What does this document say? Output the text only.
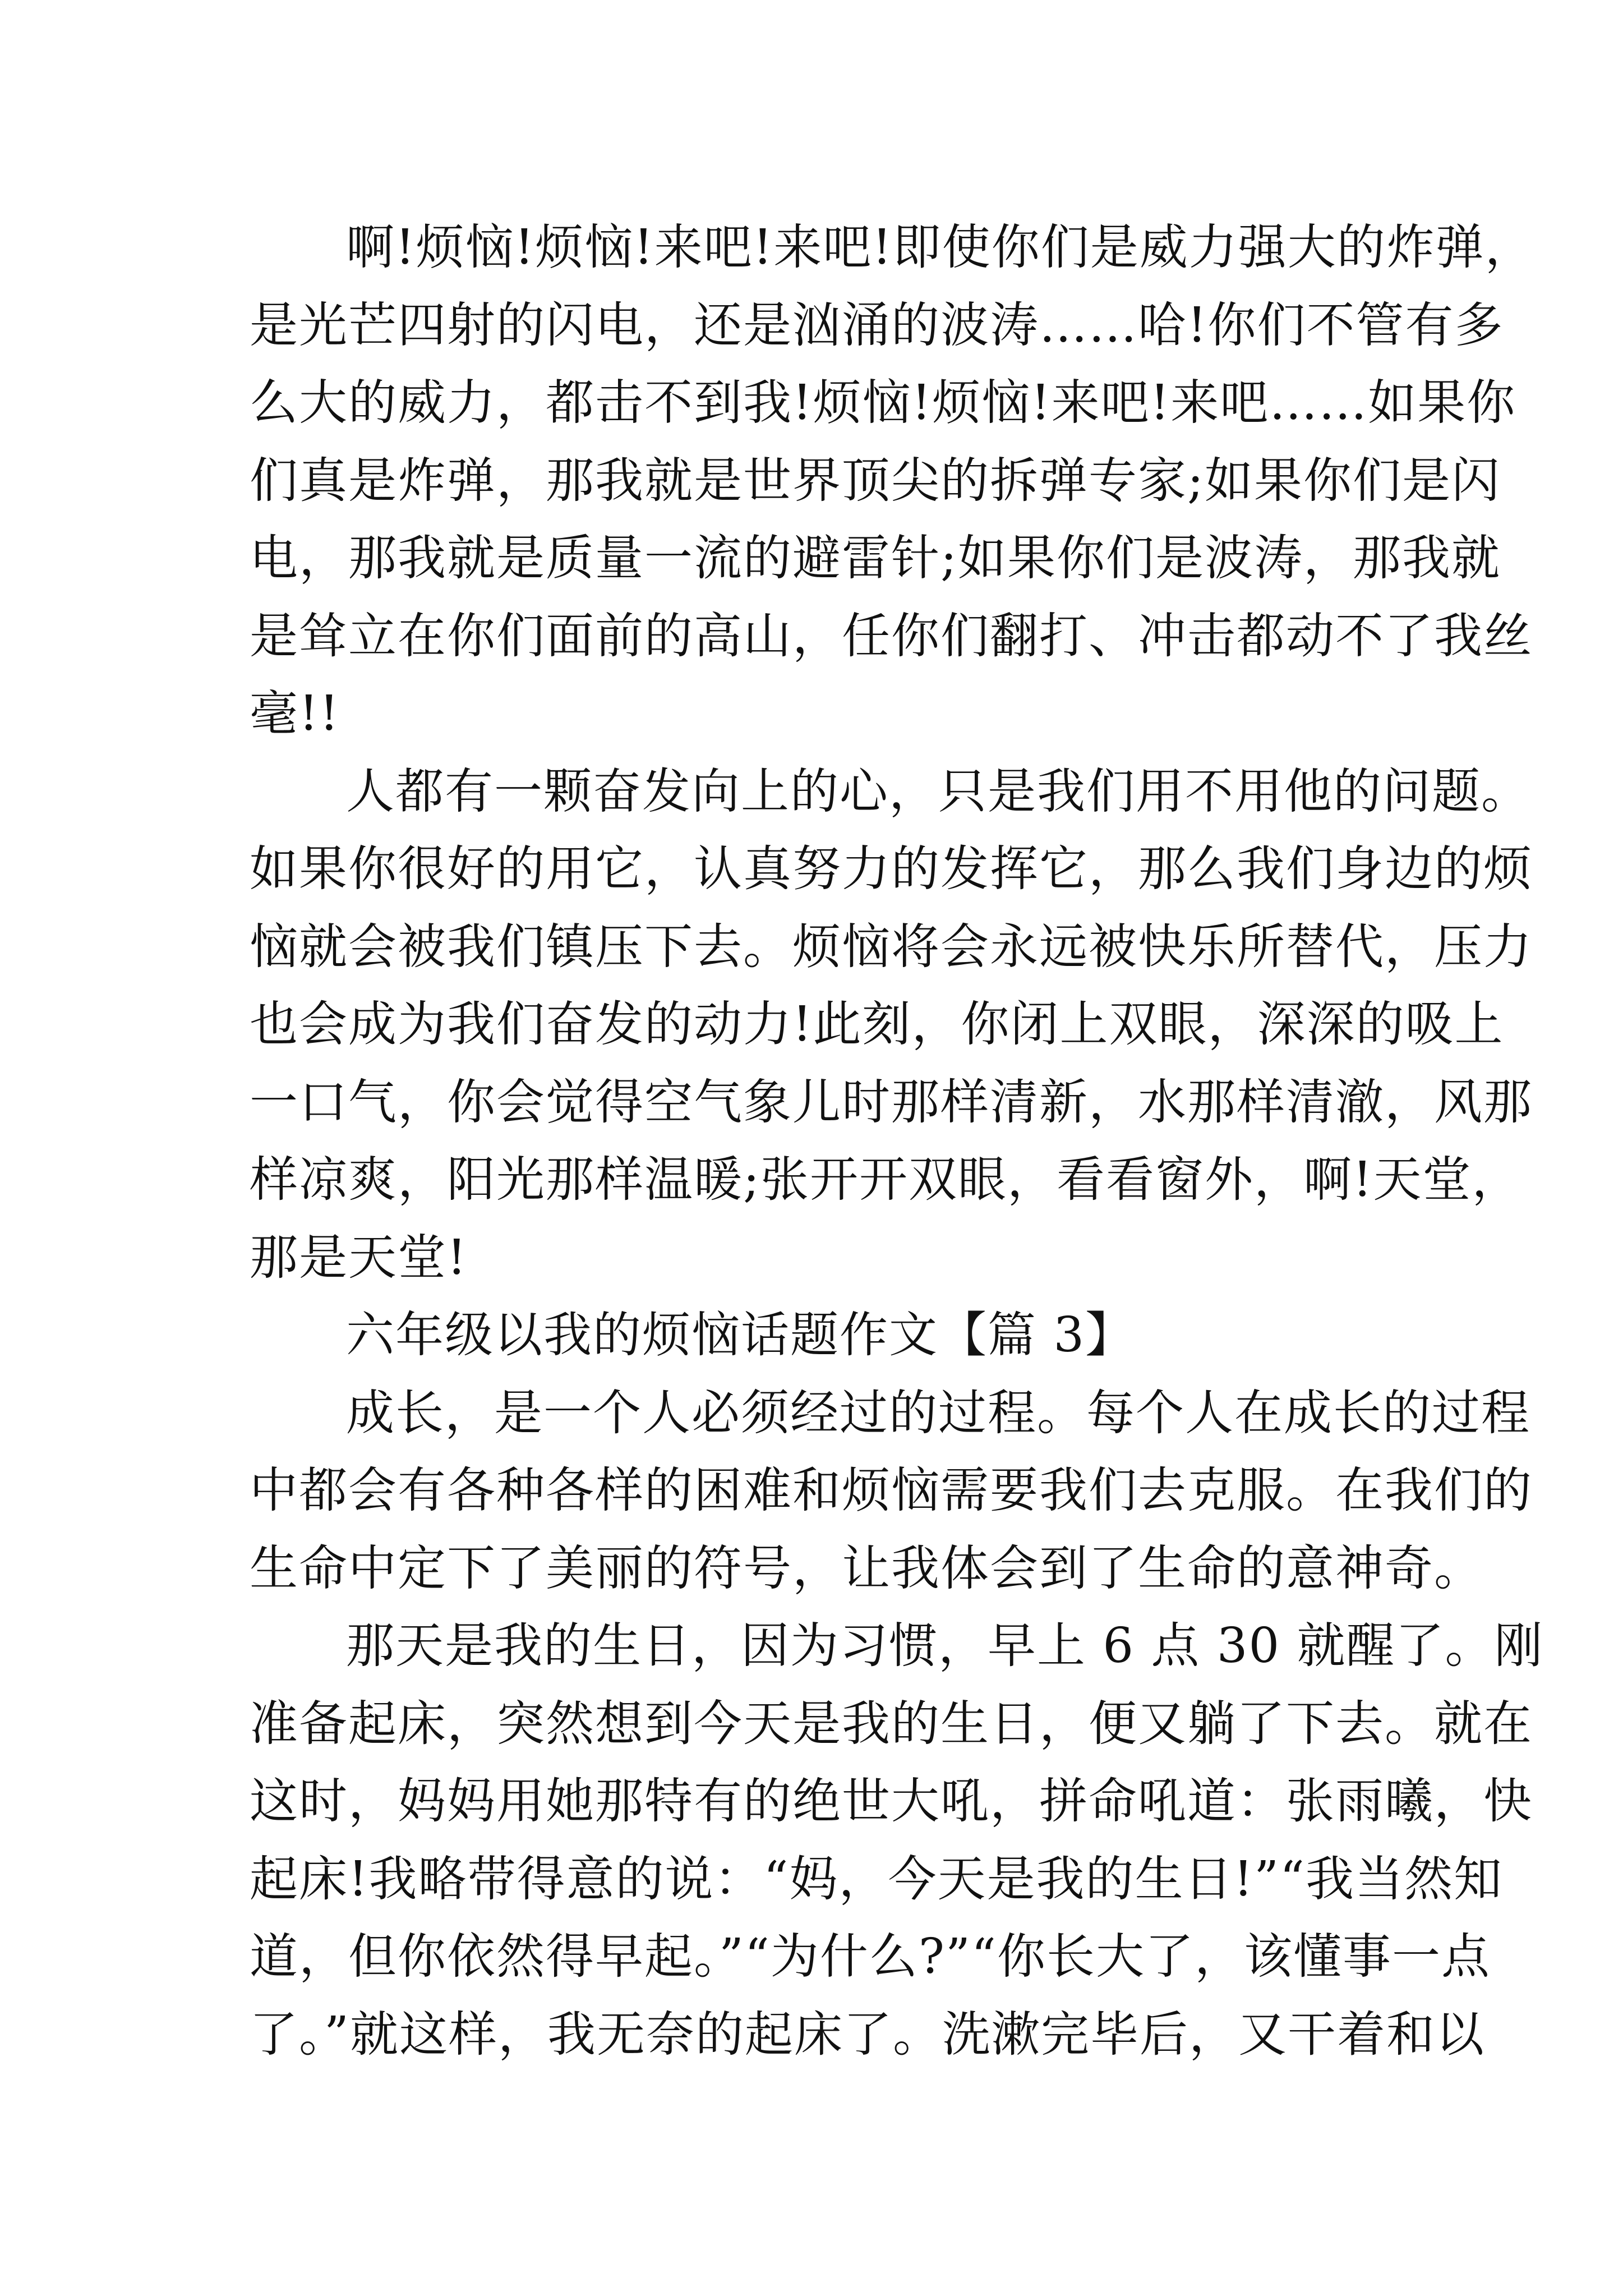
啊!烦恼!烦恼!来吧!来吧!即使你们是威力强大的炸弹，
是光芒四射的闪电，还是汹涌的波涛……哈!你们不管有多
么大的威力，都击不到我!烦恼!烦恼!来吧!来吧……如果你
们真是炸弹，那我就是世界顶尖的拆弹专家;如果你们是闪
电，那我就是质量一流的避雷针;如果你们是波涛，那我就
是耸立在你们面前的高山，任你们翻打、冲击都动不了我丝
毫!!
人都有一颗奋发向上的心，只是我们用不用他的问题。
如果你很好的用它，认真努力的发挥它，那么我们身边的烦
恼就会被我们镇压下去。烦恼将会永远被快乐所替代，压力
也会成为我们奋发的动力!此刻，你闭上双眼，深深的吸上
一口气，你会觉得空气象儿时那样清新，水那样清澈，风那
样凉爽，阳光那样温暖;张开开双眼，看看窗外，啊!天堂，
那是天堂!
六年级以我的烦恼话题作文【篇 3】
成长，是一个人必须经过的过程。每个人在成长的过程
中都会有各种各样的困难和烦恼需要我们去克服。在我们的
生命中定下了美丽的符号，让我体会到了生命的意神奇。
那天是我的生日，因为习惯，早上 6 点 30 就醒了。刚
准备起床，突然想到今天是我的生日，便又躺了下去。就在
这时，妈妈用她那特有的绝世大吼，拼命吼道：张雨曦，快
起床!我略带得意的说：“妈，今天是我的生日!”“我当然知
道，但你依然得早起。”“为什么?”“你长大了，该懂事一点
了。”就这样，我无奈的起床了。洗漱完毕后，又干着和以
